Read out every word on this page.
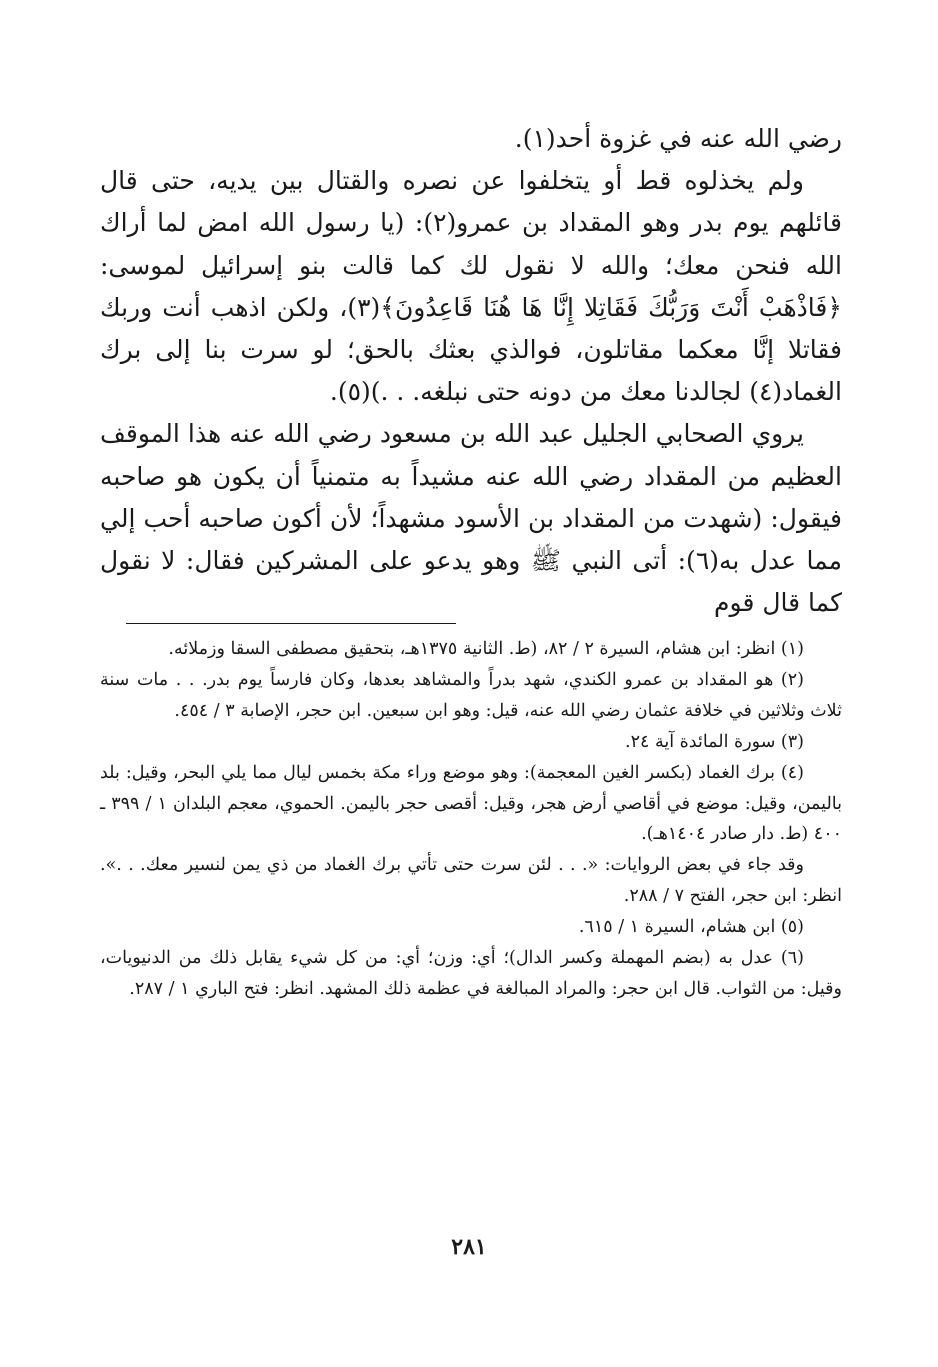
رضي الله عنه في غزوة أحد(١).

ولم يخذلوه قط أو يتخلفوا عن نصره والقتال بين يديه، حتى قال قائلهم يوم بدر وهو المقداد بن عمرو(٢): (يا رسول الله امض لما أراك الله فنحن معك؛ والله لا نقول لك كما قالت بنو إسرائيل لموسى: ﴿فَاذْهَبْ أَنْتَ وَرَبُّكَ فَقَاتِلا إِنَّا هَا هُنَا قَاعِدُونَ﴾(٣)، ولكن اذهب أنت وربك فقاتلا إنَّا معكما مقاتلون، فوالذي بعثك بالحق؛ لو سرت بنا إلى برك الغماد(٤) لجالدنا معك من دونه حتى نبلغه. . .)(٥).

يروي الصحابي الجليل عبد الله بن مسعود رضي الله عنه هذا الموقف العظيم من المقداد رضي الله عنه مشيداً به متمنياً أن يكون هو صاحبه فيقول: (شهدت من المقداد بن الأسود مشهداً؛ لأن أكون صاحبه أحب إلي مما عدل به(٦): أتى النبي ﷺ وهو يدعو على المشركين فقال: لا نقول كما قال قوم

(١) انظر: ابن هشام، السيرة ٢ / ٨٢، (ط. الثانية ١٣٧٥هـ، بتحقيق مصطفى السقا وزملائه.

(٢) هو المقداد بن عمرو الكندي، شهد بدراً والمشاهد بعدها، وكان فارساً يوم بدر. . . مات سنة ثلاث وثلاثين في خلافة عثمان رضي الله عنه، قيل: وهو ابن سبعين. ابن حجر، الإصابة ٣ / ٤٥٤.

(٣) سورة المائدة آية ٢٤.

(٤) برك الغماد (بكسر الغين المعجمة): وهو موضع وراء مكة بخمس ليال مما يلي البحر، وقيل: بلد باليمن، وقيل: موضع في أقاصي أرض هجر، وقيل: أقصى حجر باليمن. الحموي، معجم البلدان ١ / ٣٩٩ ـ ٤٠٠ (ط. دار صادر ١٤٠٤هـ).

وقد جاء في بعض الروايات: «. . . لئن سرت حتى تأتي برك الغماد من ذي يمن لنسير معك. . .». انظر: ابن حجر، الفتح ٧ / ٢٨٨.

(٥) ابن هشام، السيرة ١ / ٦١٥.

(٦) عدل به (بضم المهملة وكسر الدال)؛ أي: وزن؛ أي: من كل شيء يقابل ذلك من الدنيويات، وقيل: من الثواب. قال ابن حجر: والمراد المبالغة في عظمة ذلك المشهد. انظر: فتح الباري ١ / ٢٨٧.

٢٨١
